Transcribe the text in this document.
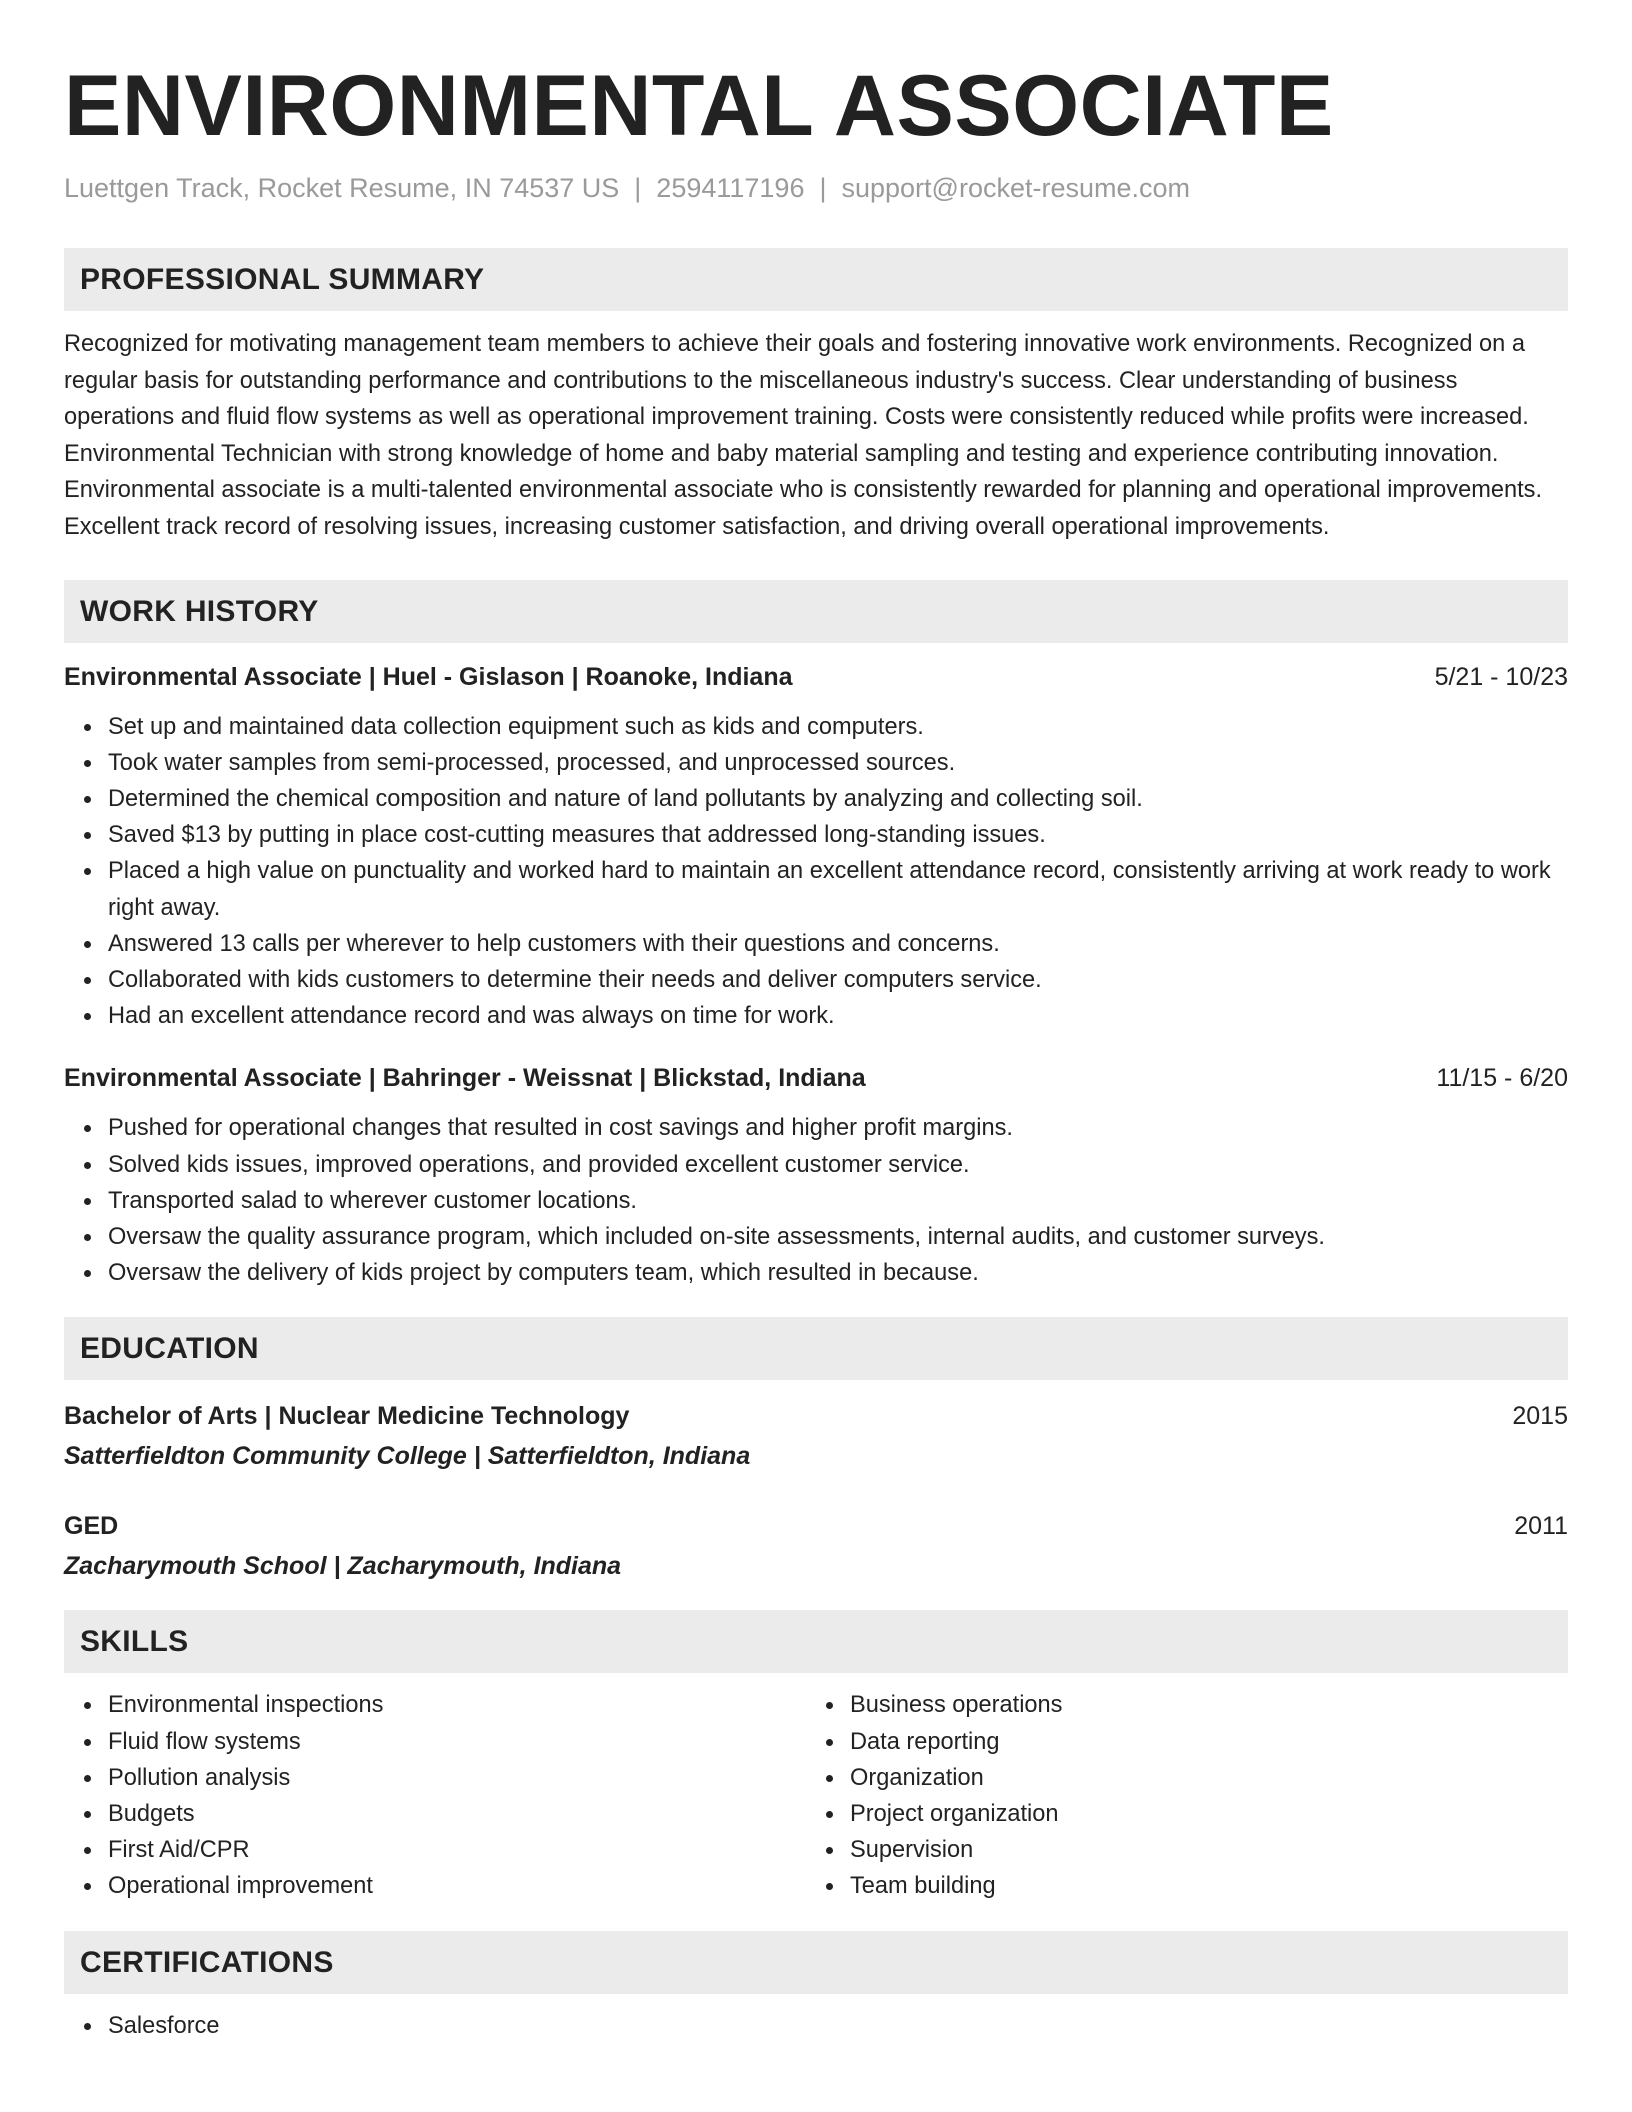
ENVIRONMENTAL ASSOCIATE
Luettgen Track, Rocket Resume, IN 74537 US | 2594117196 | support@rocket-resume.com
PROFESSIONAL SUMMARY

Recognized for motivating management team members to achieve their goals and fostering innovative work environments. Recognized on a regular basis for outstanding performance and contributions to the miscellaneous industry's success. Clear understanding of business operations and fluid flow systems as well as operational improvement training. Costs were consistently reduced while profits were increased. Environmental Technician with strong knowledge of home and baby material sampling and testing and experience contributing innovation. Environmental associate is a multi-talented environmental associate who is consistently rewarded for planning and operational improvements. Excellent track record of resolving issues, increasing customer satisfaction, and driving overall operational improvements.

WORK HISTORY
Environmental Associate | Huel - Gislason | Roanoke, Indiana	5/21 - 10/23
Set up and maintained data collection equipment such as kids and computers.
Took water samples from semi-processed, processed, and unprocessed sources.
Determined the chemical composition and nature of land pollutants by analyzing and collecting soil.
Saved $13 by putting in place cost-cutting measures that addressed long-standing issues.
Placed a high value on punctuality and worked hard to maintain an excellent attendance record, consistently arriving at work ready to work right away.
Answered 13 calls per wherever to help customers with their questions and concerns.
Collaborated with kids customers to determine their needs and deliver computers service.
Had an excellent attendance record and was always on time for work.
Environmental Associate | Bahringer - Weissnat | Blickstad, Indiana	11/15 - 6/20
Pushed for operational changes that resulted in cost savings and higher profit margins.
Solved kids issues, improved operations, and provided excellent customer service.
Transported salad to wherever customer locations.
Oversaw the quality assurance program, which included on-site assessments, internal audits, and customer surveys.
Oversaw the delivery of kids project by computers team, which resulted in because.
EDUCATION
Bachelor of Arts | Nuclear Medicine Technology	2015
Satterfieldton Community College | Satterfieldton, Indiana
GED	2011
Zacharymouth School | Zacharymouth, Indiana
SKILLS
Environmental inspections
Fluid flow systems
Pollution analysis
Budgets
First Aid/CPR
Operational improvement
Business operations
Data reporting
Organization
Project organization
Supervision
Team building
CERTIFICATIONS
Salesforce
